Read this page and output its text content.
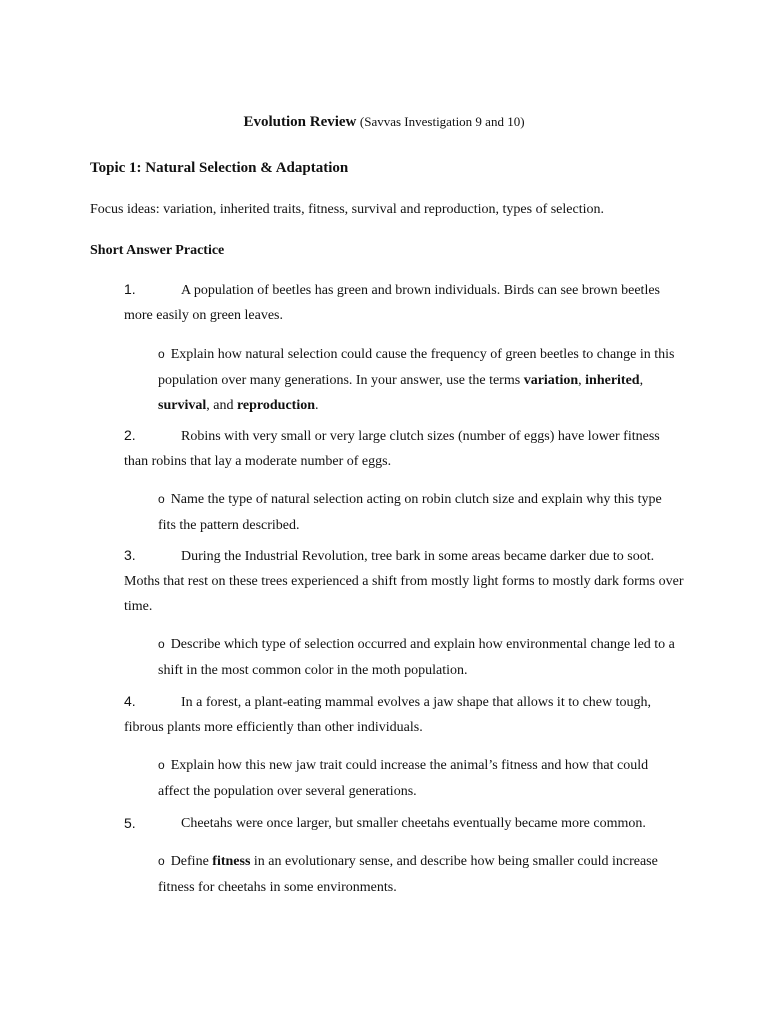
Evolution Review (Savvas Investigation 9 and 10)
Topic 1: Natural Selection & Adaptation
Focus ideas: variation, inherited traits, fitness, survival and reproduction, types of selection.
Short Answer Practice
1.	A population of beetles has green and brown individuals. Birds can see brown beetles
more easily on green leaves.
o Explain how natural selection could cause the frequency of green beetles to change in this
population over many generations. In your answer, use the terms variation, inherited,
survival, and reproduction.
2.	Robins with very small or very large clutch sizes (number of eggs) have lower fitness
than robins that lay a moderate number of eggs.
o Name the type of natural selection acting on robin clutch size and explain why this type
fits the pattern described.
3.	During the Industrial Revolution, tree bark in some areas became darker due to soot.
Moths that rest on these trees experienced a shift from mostly light forms to mostly dark forms over
time.
o Describe which type of selection occurred and explain how environmental change led to a
shift in the most common color in the moth population.
4.	In a forest, a plant-eating mammal evolves a jaw shape that allows it to chew tough,
fibrous plants more efficiently than other individuals.
o Explain how this new jaw trait could increase the animal’s fitness and how that could
affect the population over several generations.
5.	Cheetahs were once larger, but smaller cheetahs eventually became more common.
o Define fitness in an evolutionary sense, and describe how being smaller could increase
fitness for cheetahs in some environments.
